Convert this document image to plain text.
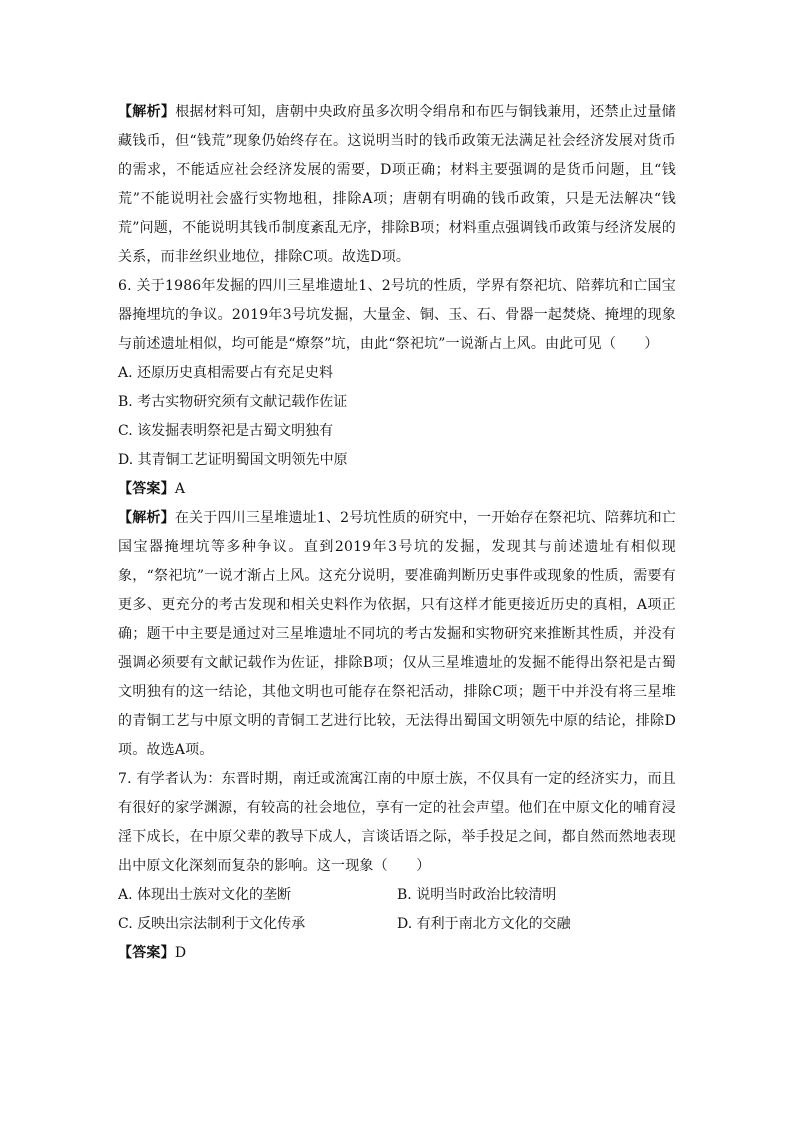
【解析】根据材料可知，唐朝中央政府虽多次明令绢帛和布匹与铜钱兼用，还禁止过量储藏钱币，但“钱荒”现象仍始终存在。这说明当时的钱币政策无法满足社会经济发展对货币的需求，不能适应社会经济发展的需要，D项正确；材料主要强调的是货币问题，且“钱荒”不能说明社会盛行实物地租，排除A项；唐朝有明确的钱币政策，只是无法解决“钱荒”问题，不能说明其钱币制度紊乱无序，排除B项；材料重点强调钱币政策与经济发展的关系，而非丝织业地位，排除C项。故选D项。

6. 关于1986年发掘的四川三星堆遗址1、2号坑的性质，学界有祭祀坑、陪葬坑和亡国宝器掩埋坑的争议。2019年3号坑发掘，大量金、铜、玉、石、骨器一起焚烧、掩埋的现象与前述遗址相似，均可能是“燎祭”坑，由此“祭祀坑”一说渐占上风。由此可见（　　）

A. 还原历史真相需要占有充足史料

B. 考古实物研究须有文献记载作佐证

C. 该发掘表明祭祀是古蜀文明独有

D. 其青铜工艺证明蜀国文明领先中原

【答案】A

【解析】在关于四川三星堆遗址1、2号坑性质的研究中，一开始存在祭祀坑、陪葬坑和亡国宝器掩埋坑等多种争议。直到2019年3号坑的发掘，发现其与前述遗址有相似现象，“祭祀坑”一说才渐占上风。这充分说明，要准确判断历史事件或现象的性质，需要有更多、更充分的考古发现和相关史料作为依据，只有这样才能更接近历史的真相，A项正确；题干中主要是通过对三星堆遗址不同坑的考古发掘和实物研究来推断其性质，并没有强调必须要有文献记载作为佐证，排除B项；仅从三星堆遗址的发掘不能得出祭祀是古蜀文明独有的这一结论，其他文明也可能存在祭祀活动，排除C项；题干中并没有将三星堆的青铜工艺与中原文明的青铜工艺进行比较，无法得出蜀国文明领先中原的结论，排除D项。故选A项。

7. 有学者认为：东晋时期，南迁或流寓江南的中原士族，不仅具有一定的经济实力，而且有很好的家学渊源，有较高的社会地位，享有一定的社会声望。他们在中原文化的哺育浸淫下成长，在中原父辈的教导下成人，言谈话语之际，举手投足之间，都自然而然地表现出中原文化深刻而复杂的影响。这一现象（　　）

A. 体现出士族对文化的垄断	B. 说明当时政治比较清明
C. 反映出宗法制利于文化传承	D. 有利于南北方文化的交融

【答案】D
